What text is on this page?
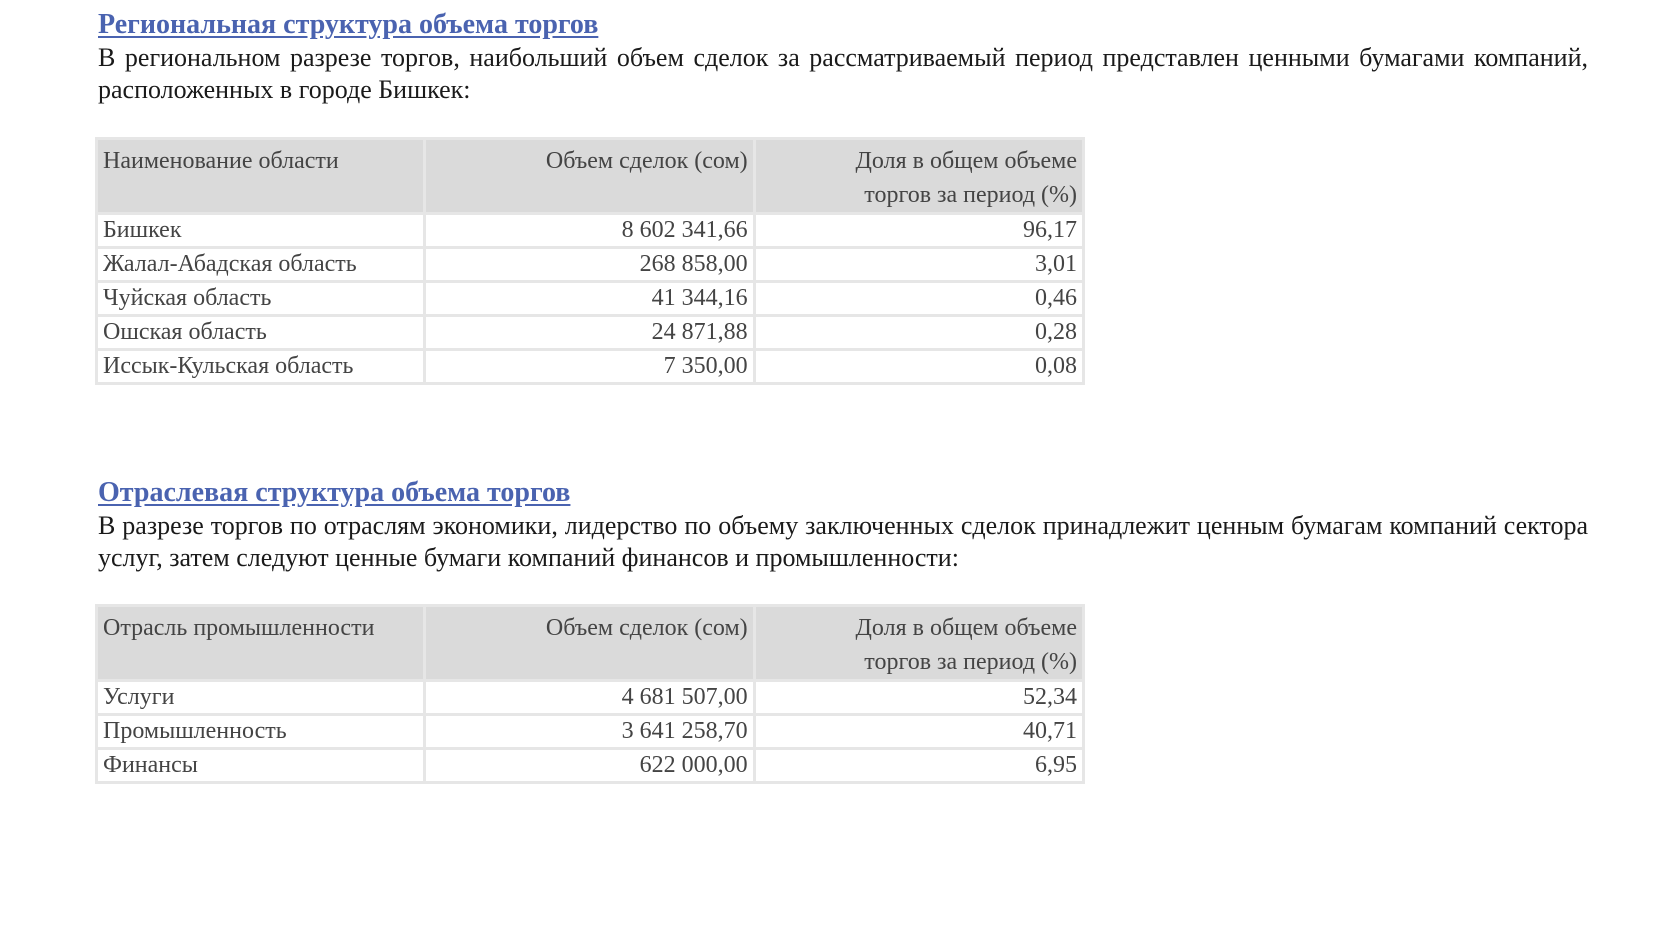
Региональная структура объема торгов

В региональном разрезе торгов, наибольший объем сделок за рассматриваемый период представлен ценными бумагами компаний, расположенных в городе Бишкек:

Наименование области	Объем сделок (сом)	Доля в общем объеме
торгов за период (%)
Бишкек	8 602 341,66	96,17
Жалал-Абадская область	268 858,00	3,01
Чуйская область	41 344,16	0,46
Ошская область	24 871,88	0,28
Иссык-Кульская область	7 350,00	0,08
Отраслевая структура объема торгов

В разрезе торгов по отраслям экономики, лидерство по объему заключенных сделок принадлежит ценным бумагам компаний сектора услуг, затем следуют ценные бумаги компаний финансов и промышленности:

Отрасль промышленности	Объем сделок (сом)	Доля в общем объеме
торгов за период (%)
Услуги	4 681 507,00	52,34
Промышленность	3 641 258,70	40,71
Финансы	622 000,00	6,95
